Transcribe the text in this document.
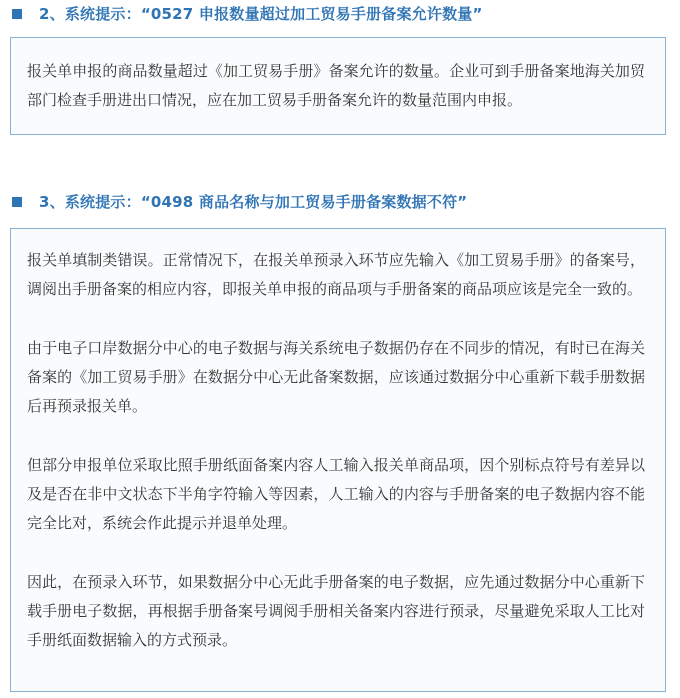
2、系统提示：“0527 申报数量超过加工贸易手册备案允许数量”

报关单申报的商品数量超过《加工贸易手册》备案允许的数量。企业可到手册备案地海关加贸部门检查手册进出口情况，应在加工贸易手册备案允许的数量范围内申报。

3、系统提示：“0498 商品名称与加工贸易手册备案数据不符”

报关单填制类错误。正常情况下，在报关单预录入环节应先输入《加工贸易手册》的备案号，调阅出手册备案的相应内容，即报关单申报的商品项与手册备案的商品项应该是完全一致的。

由于电子口岸数据分中心的电子数据与海关系统电子数据仍存在不同步的情况，有时已在海关备案的《加工贸易手册》在数据分中心无此备案数据，应该通过数据分中心重新下载手册数据后再预录报关单。

但部分申报单位采取比照手册纸面备案内容人工输入报关单商品项，因个别标点符号有差异以及是否在非中文状态下半角字符输入等因素，人工输入的内容与手册备案的电子数据内容不能完全比对，系统会作此提示并退单处理。

因此，在预录入环节，如果数据分中心无此手册备案的电子数据，应先通过数据分中心重新下载手册电子数据，再根据手册备案号调阅手册相关备案内容进行预录，尽量避免采取人工比对手册纸面数据输入的方式预录。
